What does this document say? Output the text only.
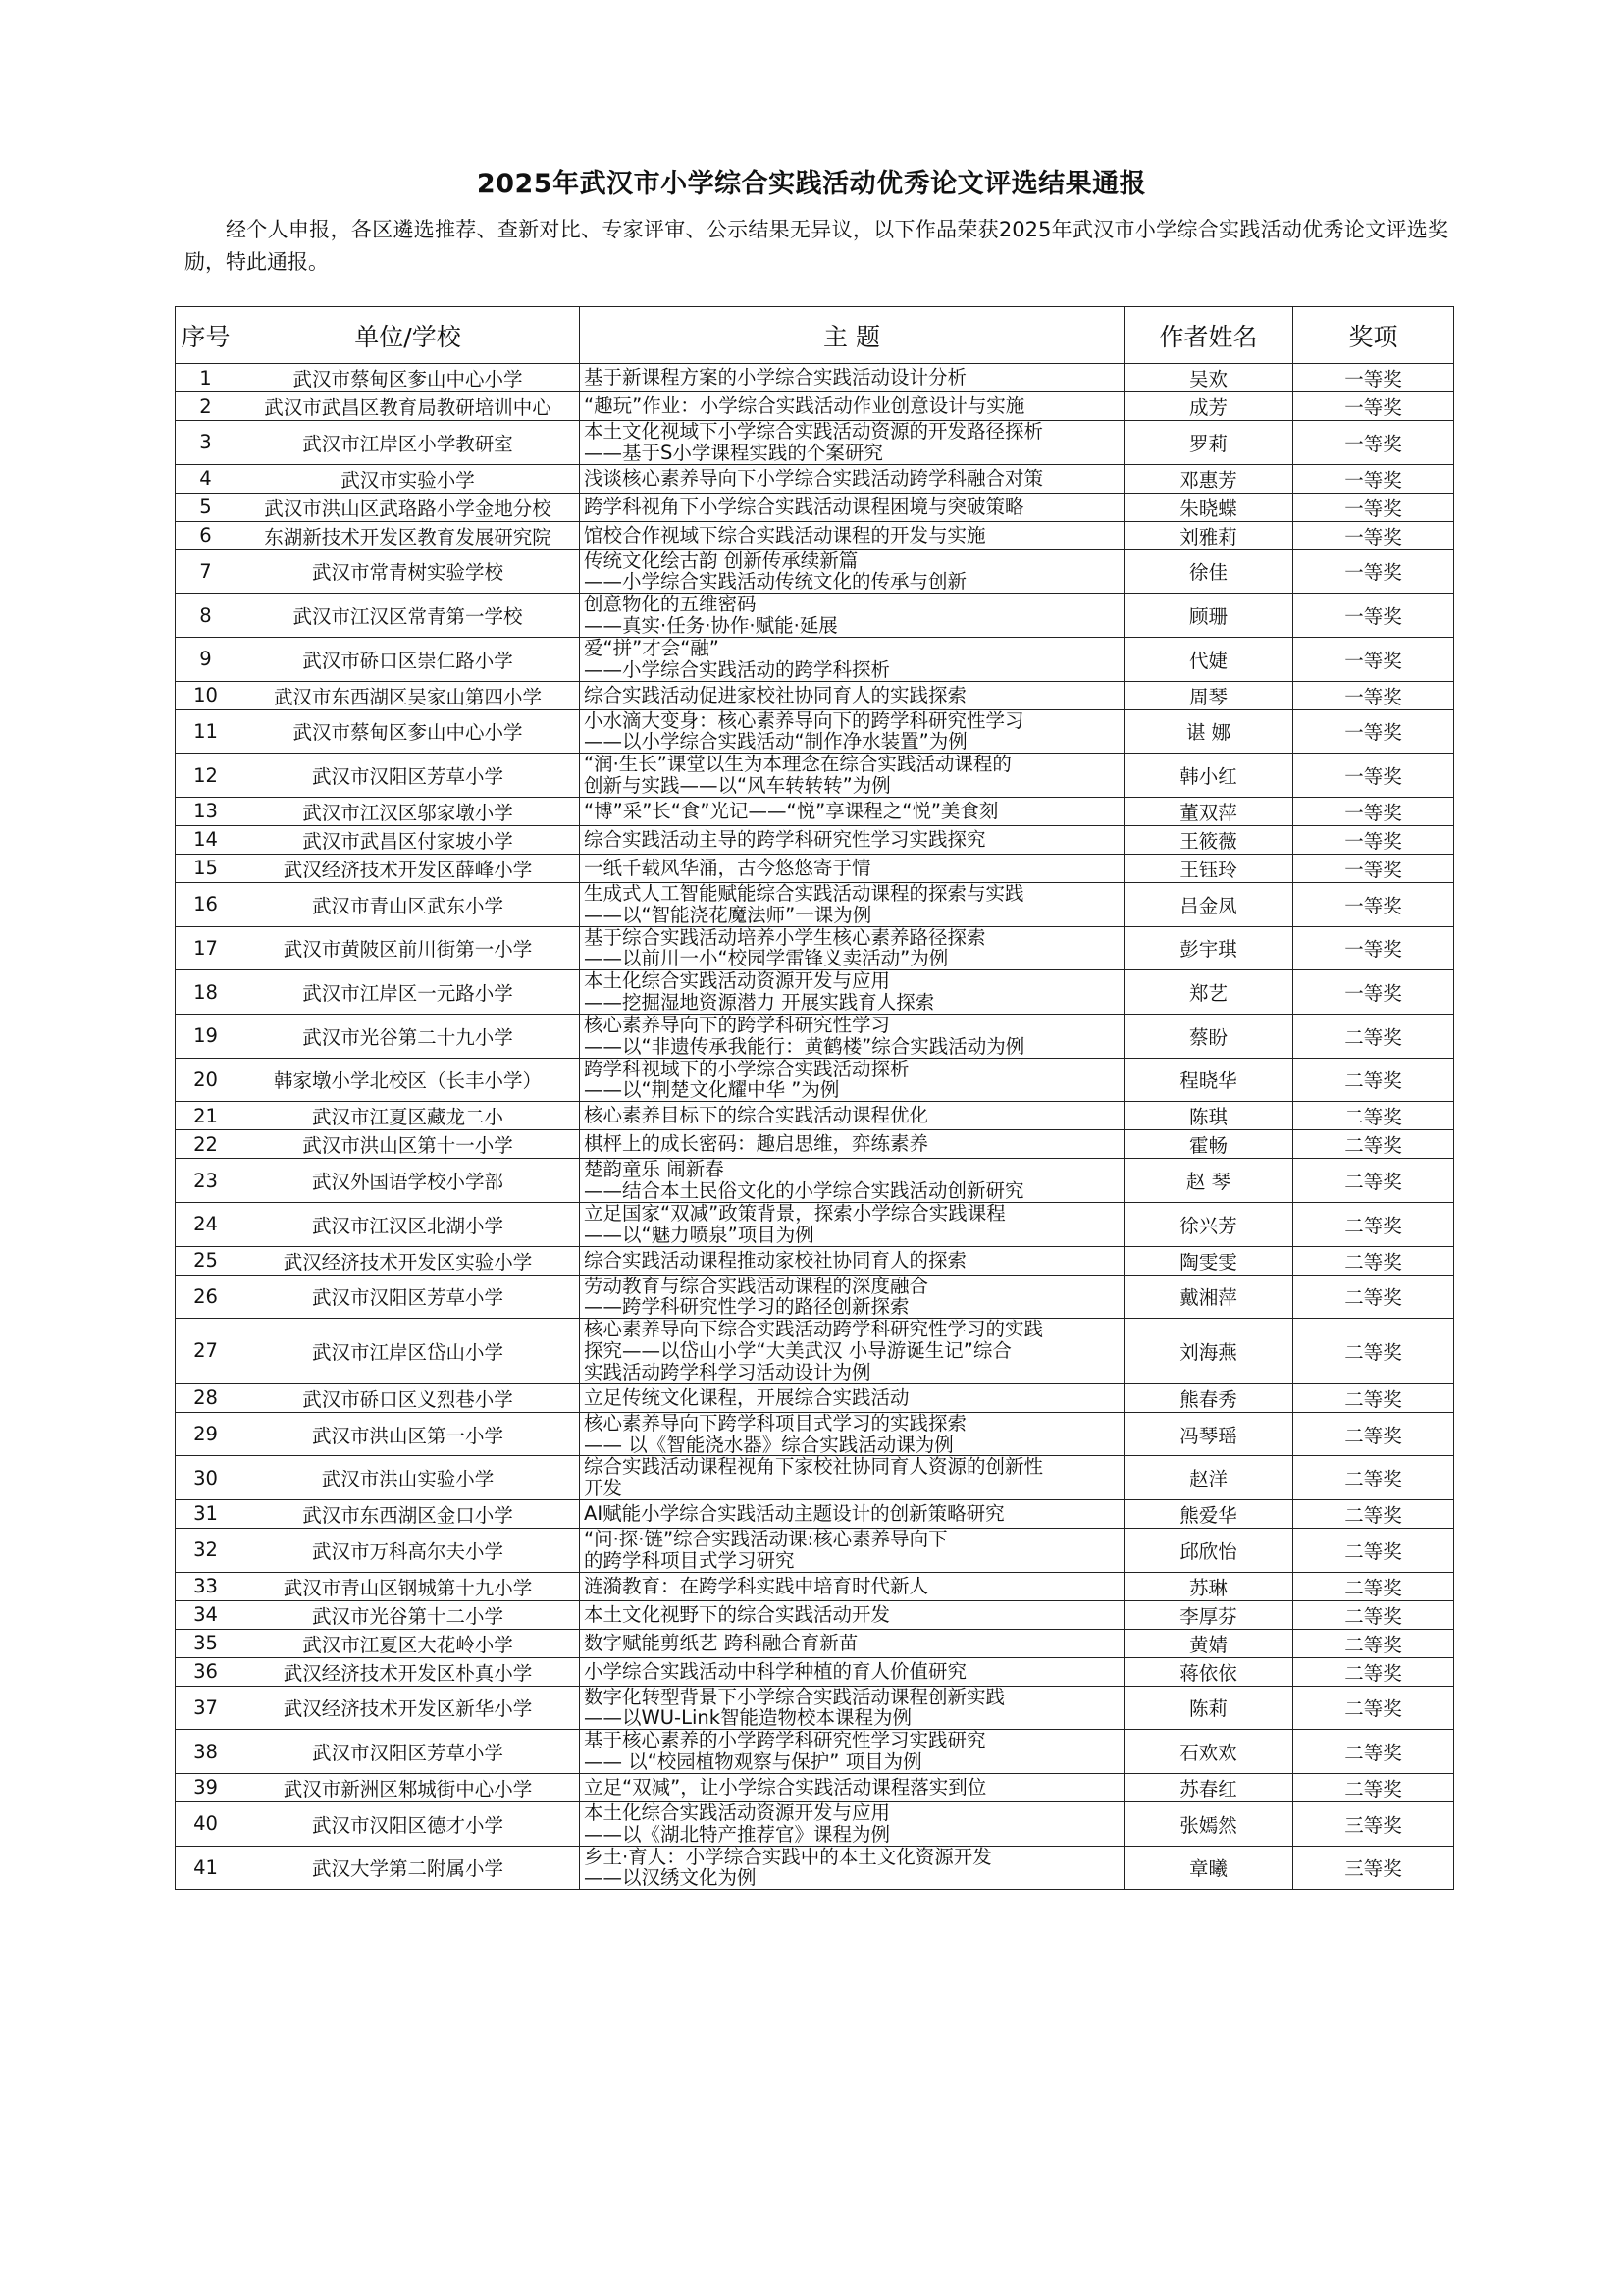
2025年武汉市小学综合实践活动优秀论文评选结果通报
经个人申报，各区遴选推荐、查新对比、专家评审、公示结果无异议，以下作品荣获2025年武汉市小学综合实践活动优秀论文评选奖励，特此通报。
序号	单位/学校	主 题	作者姓名	奖项
1	武汉市蔡甸区奓山中心小学	基于新课程方案的小学综合实践活动设计分析	吴欢	一等奖
2	武汉市武昌区教育局教研培训中心	“趣玩”作业：小学综合实践活动作业创意设计与实施	成芳	一等奖
3	武汉市江岸区小学教研室	本土文化视域下小学综合实践活动资源的开发路径探析
——基于S小学课程实践的个案研究	罗莉	一等奖
4	武汉市实验小学	浅谈核心素养导向下小学综合实践活动跨学科融合对策	邓惠芳	一等奖
5	武汉市洪山区武珞路小学金地分校	跨学科视角下小学综合实践活动课程困境与突破策略	朱晓蝶	一等奖
6	东湖新技术开发区教育发展研究院	馆校合作视域下综合实践活动课程的开发与实施	刘雅莉	一等奖
7	武汉市常青树实验学校	传统文化绘古韵 创新传承续新篇
——小学综合实践活动传统文化的传承与创新	徐佳	一等奖
8	武汉市江汉区常青第一学校	创意物化的五维密码
——真实·任务·协作·赋能·延展	顾珊	一等奖
9	武汉市硚口区崇仁路小学	爱“拼”才会“融”
——小学综合实践活动的跨学科探析	代婕	一等奖
10	武汉市东西湖区吴家山第四小学	综合实践活动促进家校社协同育人的实践探索	周琴	一等奖
11	武汉市蔡甸区奓山中心小学	小水滴大变身：核心素养导向下的跨学科研究性学习
——以小学综合实践活动“制作净水装置”为例	谌 娜	一等奖
12	武汉市汉阳区芳草小学	“润·生长”课堂以生为本理念在综合实践活动课程的
创新与实践——以“风车转转转”为例	韩小红	一等奖
13	武汉市江汉区邬家墩小学	“博”采”长“食”光记——“悦”享课程之“悦”美食刻	董双萍	一等奖
14	武汉市武昌区付家坡小学	综合实践活动主导的跨学科研究性学习实践探究	王筱薇	一等奖
15	武汉经济技术开发区薛峰小学	一纸千载风华涌，古今悠悠寄于情	王钰玲	一等奖
16	武汉市青山区武东小学	生成式人工智能赋能综合实践活动课程的探索与实践
——以“智能浇花魔法师”一课为例	吕金凤	一等奖
17	武汉市黄陂区前川街第一小学	基于综合实践活动培养小学生核心素养路径探索
——以前川一小“校园学雷锋义卖活动”为例	彭宇琪	一等奖
18	武汉市江岸区一元路小学	本土化综合实践活动资源开发与应用
——挖掘湿地资源潜力 开展实践育人探索	郑艺	一等奖
19	武汉市光谷第二十九小学	核心素养导向下的跨学科研究性学习
——以“非遗传承我能行：黄鹤楼”综合实践活动为例	蔡盼	二等奖
20	韩家墩小学北校区（长丰小学）	跨学科视域下的小学综合实践活动探析
——以“荆楚文化耀中华 ”为例	程晓华	二等奖
21	武汉市江夏区藏龙二小	核心素养目标下的综合实践活动课程优化	陈琪	二等奖
22	武汉市洪山区第十一小学	棋枰上的成长密码：趣启思维，弈练素养	霍畅	二等奖
23	武汉外国语学校小学部	楚韵童乐 闹新春
——结合本土民俗文化的小学综合实践活动创新研究	赵 琴	二等奖
24	武汉市江汉区北湖小学	立足国家“双减”政策背景，探索小学综合实践课程
——以“魅力喷泉”项目为例	徐兴芳	二等奖
25	武汉经济技术开发区实验小学	综合实践活动课程推动家校社协同育人的探索	陶雯雯	二等奖
26	武汉市汉阳区芳草小学	劳动教育与综合实践活动课程的深度融合
——跨学科研究性学习的路径创新探索	戴湘萍	二等奖
27	武汉市江岸区岱山小学	核心素养导向下综合实践活动跨学科研究性学习的实践
探究——以岱山小学“大美武汉 小导游诞生记”综合
实践活动跨学科学习活动设计为例	刘海燕	二等奖
28	武汉市硚口区义烈巷小学	立足传统文化课程，开展综合实践活动	熊春秀	二等奖
29	武汉市洪山区第一小学	核心素养导向下跨学科项目式学习的实践探索
—— 以《智能浇水器》综合实践活动课为例	冯琴瑶	二等奖
30	武汉市洪山实验小学	综合实践活动课程视角下家校社协同育人资源的创新性
开发	赵洋	二等奖
31	武汉市东西湖区金口小学	AI赋能小学综合实践活动主题设计的创新策略研究	熊爱华	二等奖
32	武汉市万科高尔夫小学	“问·探·链”综合实践活动课:核心素养导向下
的跨学科项目式学习研究	邱欣怡	二等奖
33	武汉市青山区钢城第十九小学	涟漪教育：在跨学科实践中培育时代新人	苏琳	二等奖
34	武汉市光谷第十二小学	本土文化视野下的综合实践活动开发	李厚芬	二等奖
35	武汉市江夏区大花岭小学	数字赋能剪纸艺 跨科融合育新苗	黄婧	二等奖
36	武汉经济技术开发区朴真小学	小学综合实践活动中科学种植的育人价值研究	蒋依依	二等奖
37	武汉经济技术开发区新华小学	数字化转型背景下小学综合实践活动课程创新实践
——以WU-Link智能造物校本课程为例	陈莉	二等奖
38	武汉市汉阳区芳草小学	基于核心素养的小学跨学科研究性学习实践研究
—— 以“校园植物观察与保护” 项目为例	石欢欢	二等奖
39	武汉市新洲区邾城街中心小学	立足“双减”，让小学综合实践活动课程落实到位	苏春红	二等奖
40	武汉市汉阳区德才小学	本土化综合实践活动资源开发与应用
——以《湖北特产推荐官》课程为例	张嫣然	三等奖
41	武汉大学第二附属小学	乡土·育人：小学综合实践中的本土文化资源开发
——以汉绣文化为例	章曦	三等奖
